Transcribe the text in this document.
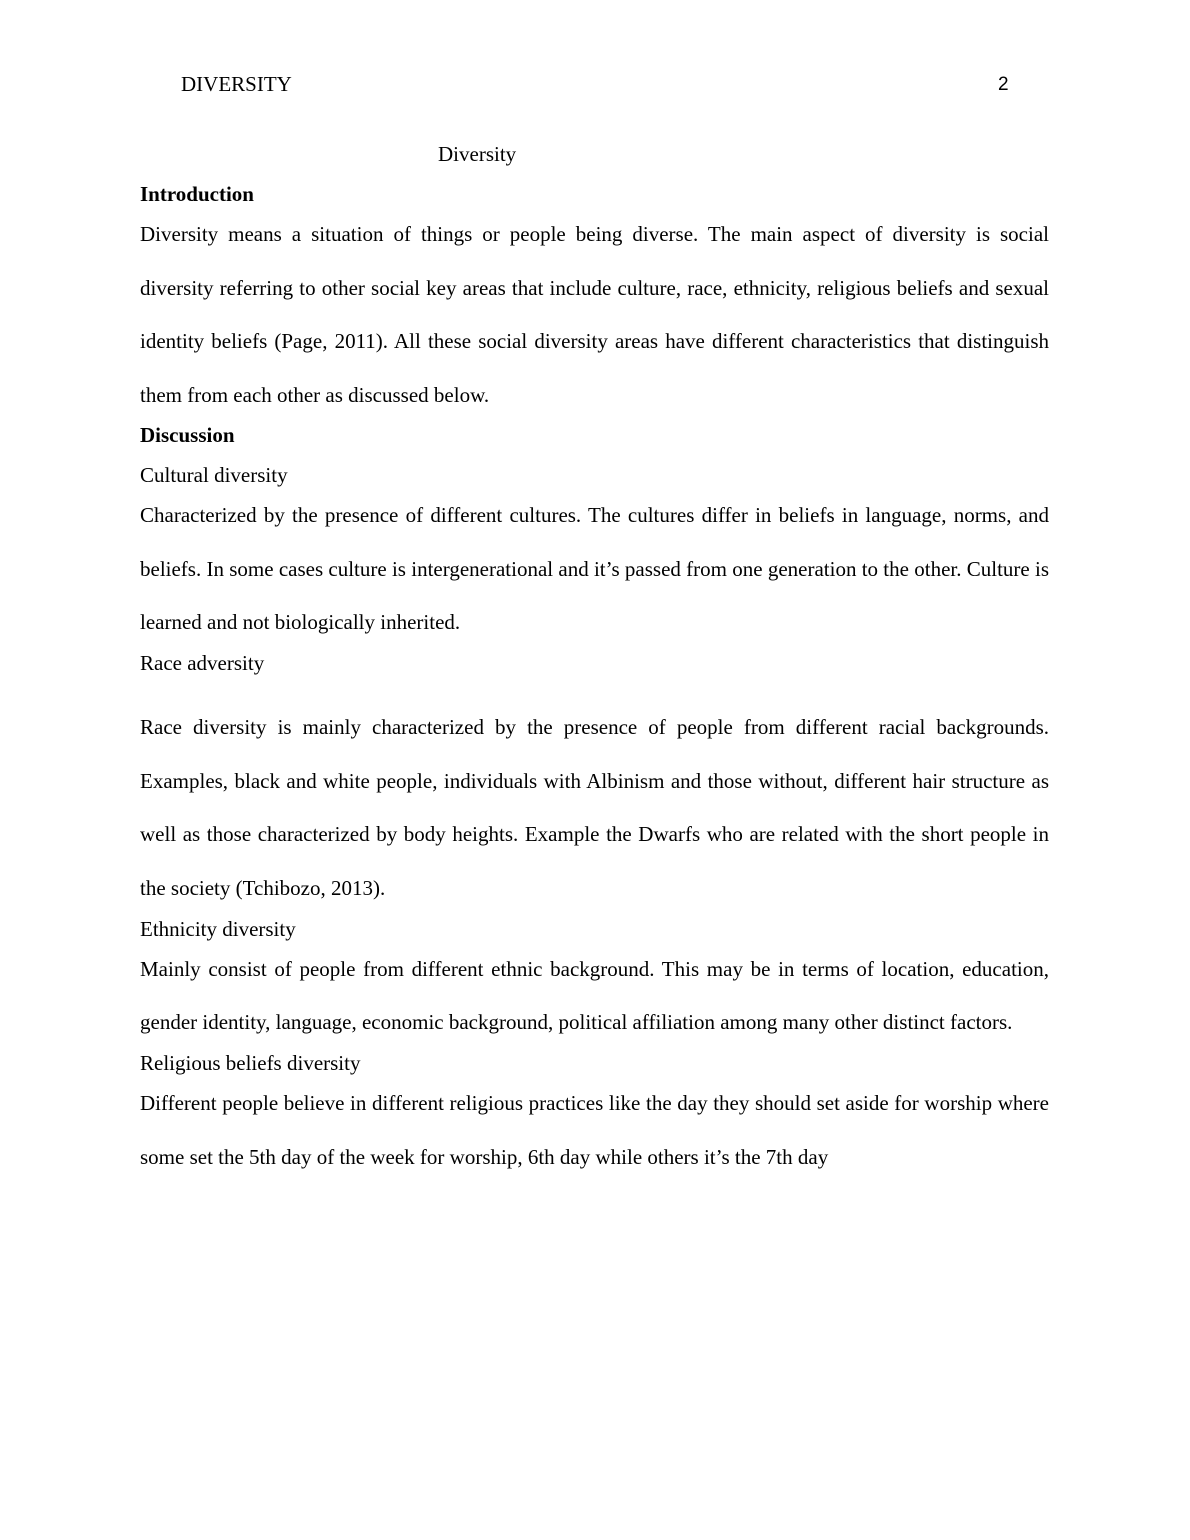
DIVERSITY	2
Diversity
Introduction

Diversity means a situation of things or people being diverse. The main aspect of diversity is social diversity referring to other social key areas that include culture, race, ethnicity, religious beliefs and sexual identity beliefs (Page, 2011). All these social diversity areas have different characteristics that distinguish them from each other as discussed below.

Discussion
Cultural diversity

Characterized by the presence of different cultures. The cultures differ in beliefs in language, norms, and beliefs. In some cases culture is intergenerational and it’s passed from one generation to the other. Culture is learned and not biologically inherited.

Race adversity

Race diversity is mainly characterized by the presence of people from different racial backgrounds. Examples, black and white people, individuals with Albinism and those without, different hair structure as well as those characterized by body heights. Example the Dwarfs who are related with the short people in the society (Tchibozo, 2013).

Ethnicity diversity

Mainly consist of people from different ethnic background. This may be in terms of location, education, gender identity, language, economic background, political affiliation among many other distinct factors.

Religious beliefs diversity

Different people believe in different religious practices like the day they should set aside for worship where some set the 5th day of the week for worship, 6th day while others it’s the 7th day
